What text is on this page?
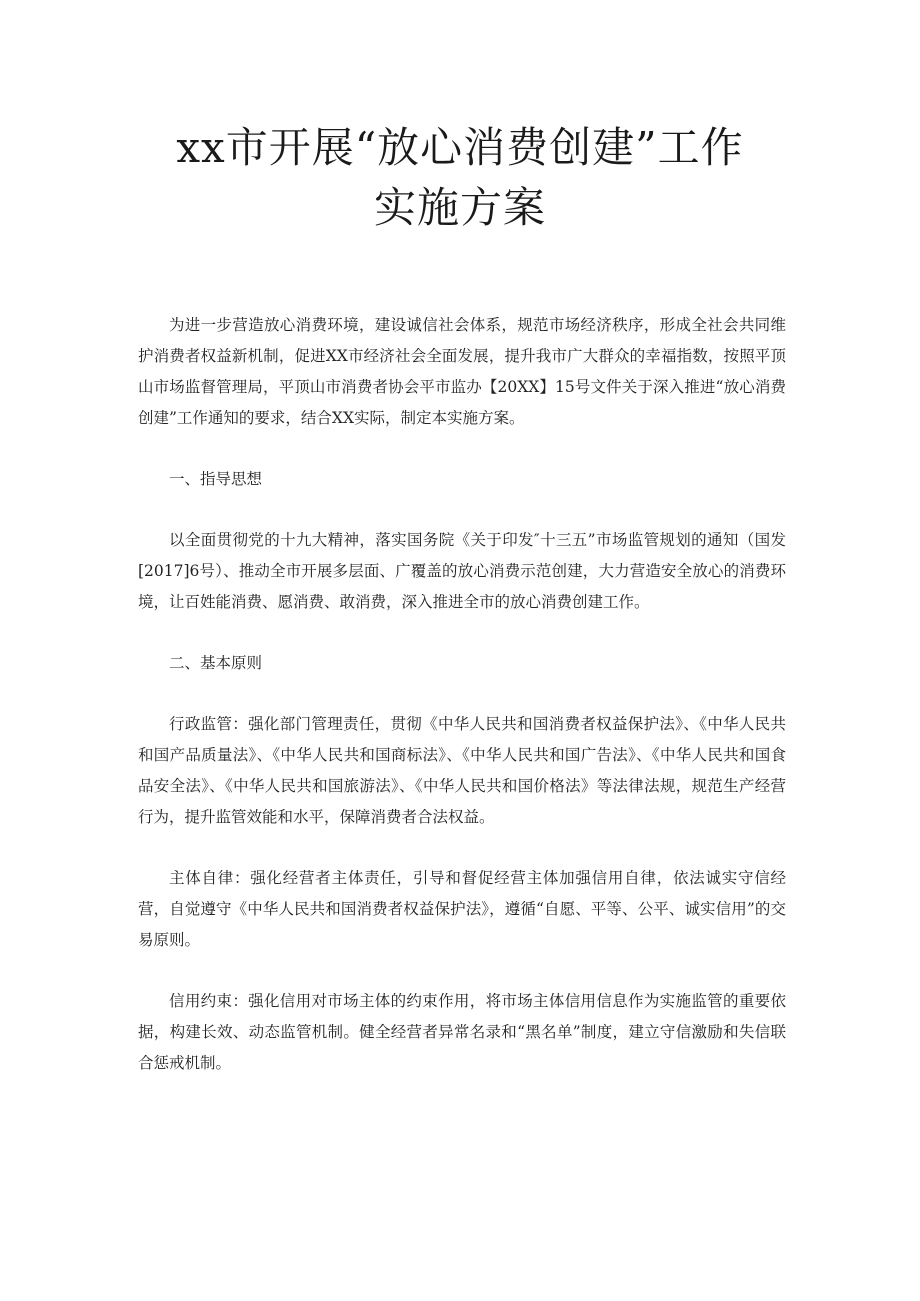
xx市开展“放心消费创建”工作
实施方案

为进一步营造放心消费环境，建设诚信社会体系，规范市场经济秩序，形成全社会共同维护消费者权益新机制，促进XX市经济社会全面发展，提升我市广大群众的幸福指数，按照平顶山市场监督管理局，平顶山市消费者协会平市监办【20XX】15号文件关于深入推进“放心消费创建”工作通知的要求，结合XX实际，制定本实施方案。

一、指导思想

以全面贯彻党的十九大精神，落实国务院《关于印发″十三五”市场监管规划的通知（国发[2017]6号）、推动全市开展多层面、广覆盖的放心消费示范创建，大力营造安全放心的消费环境，让百姓能消费、愿消费、敢消费，深入推进全市的放心消费创建工作。

二、基本原则

行政监管：强化部门管理责任，贯彻《中华人民共和国消费者权益保护法》、《中华人民共和国产品质量法》、《中华人民共和国商标法》、《中华人民共和国广告法》、《中华人民共和国食品安全法》、《中华人民共和国旅游法》、《中华人民共和国价格法》等法律法规，规范生产经营行为，提升监管效能和水平，保障消费者合法权益。

主体自律：强化经营者主体责任，引导和督促经营主体加强信用自律，依法诚实守信经营，自觉遵守《中华人民共和国消费者权益保护法》，遵循“自愿、平等、公平、诚实信用”的交易原则。

信用约束：强化信用对市场主体的约束作用，将市场主体信用信息作为实施监管的重要依据，构建长效、动态监管机制。健全经营者异常名录和“黑名单”制度，建立守信激励和失信联合惩戒机制。
